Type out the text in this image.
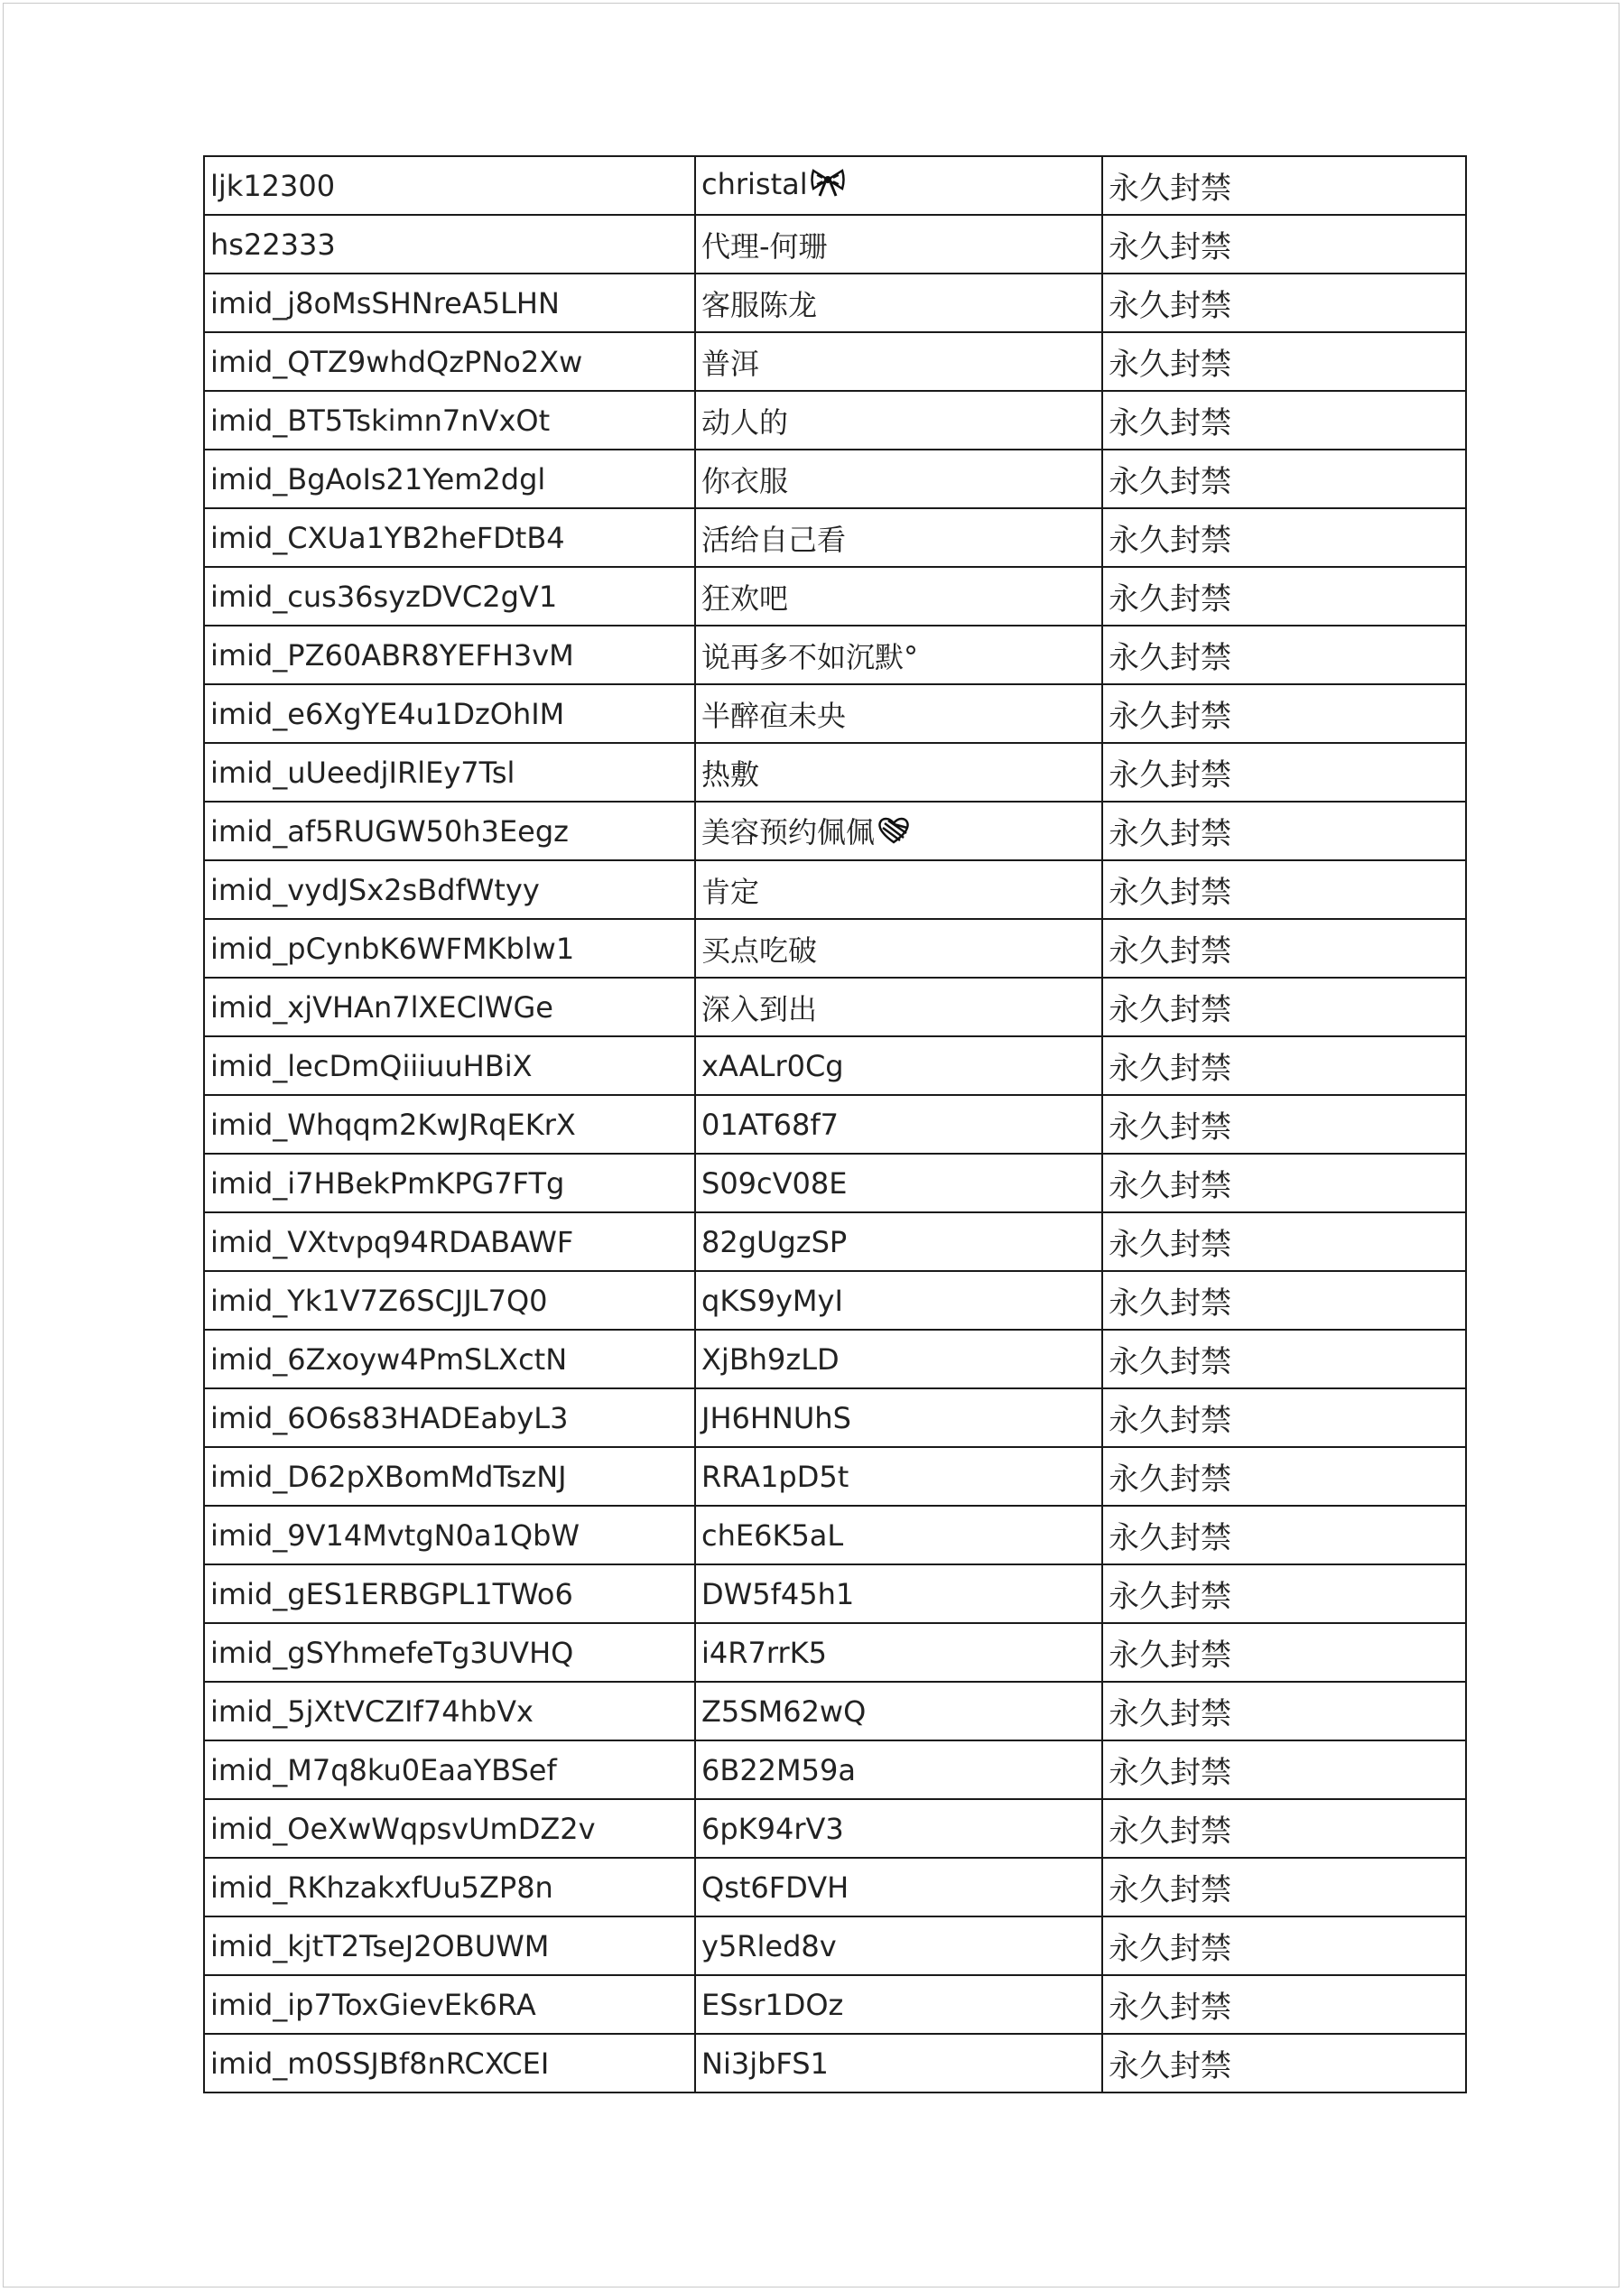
ljk12300	christal	永久封禁
hs22333	代理-何珊	永久封禁
imid_j8oMsSHNreA5LHN	客服陈龙	永久封禁
imid_QTZ9whdQzPNo2Xw	普洱	永久封禁
imid_BT5Tskimn7nVxOt	动人的	永久封禁
imid_BgAoIs21Yem2dgl	你衣服	永久封禁
imid_CXUa1YB2heFDtB4	活给自己看	永久封禁
imid_cus36syzDVC2gV1	狂欢吧	永久封禁
imid_PZ60ABR8YEFH3vM	说再多不如沉默°	永久封禁
imid_e6XgYE4u1DzOhIM	半醉亱未央	永久封禁
imid_uUeedjIRlEy7Tsl	热敷	永久封禁
imid_af5RUGW50h3Eegz	美容预约佩佩	永久封禁
imid_vydJSx2sBdfWtyy	肯定	永久封禁
imid_pCynbK6WFMKblw1	买点吃破	永久封禁
imid_xjVHAn7lXEClWGe	深入到出	永久封禁
imid_lecDmQiiiuuHBiX	xAALr0Cg	永久封禁
imid_Whqqm2KwJRqEKrX	01AT68f7	永久封禁
imid_i7HBekPmKPG7FTg	S09cV08E	永久封禁
imid_VXtvpq94RDABAWF	82gUgzSP	永久封禁
imid_Yk1V7Z6SCJJL7Q0	qKS9yMyI	永久封禁
imid_6Zxoyw4PmSLXctN	XjBh9zLD	永久封禁
imid_6O6s83HADEabyL3	JH6HNUhS	永久封禁
imid_D62pXBomMdTszNJ	RRA1pD5t	永久封禁
imid_9V14MvtgN0a1QbW	chE6K5aL	永久封禁
imid_gES1ERBGPL1TWo6	DW5f45h1	永久封禁
imid_gSYhmefeTg3UVHQ	i4R7rrK5	永久封禁
imid_5jXtVCZIf74hbVx	Z5SM62wQ	永久封禁
imid_M7q8ku0EaaYBSef	6B22M59a	永久封禁
imid_OeXwWqpsvUmDZ2v	6pK94rV3	永久封禁
imid_RKhzakxfUu5ZP8n	Qst6FDVH	永久封禁
imid_kjtT2TseJ2OBUWM	y5Rled8v	永久封禁
imid_ip7ToxGievEk6RA	ESsr1DOz	永久封禁
imid_m0SSJBf8nRCXCEI	Ni3jbFS1	永久封禁
